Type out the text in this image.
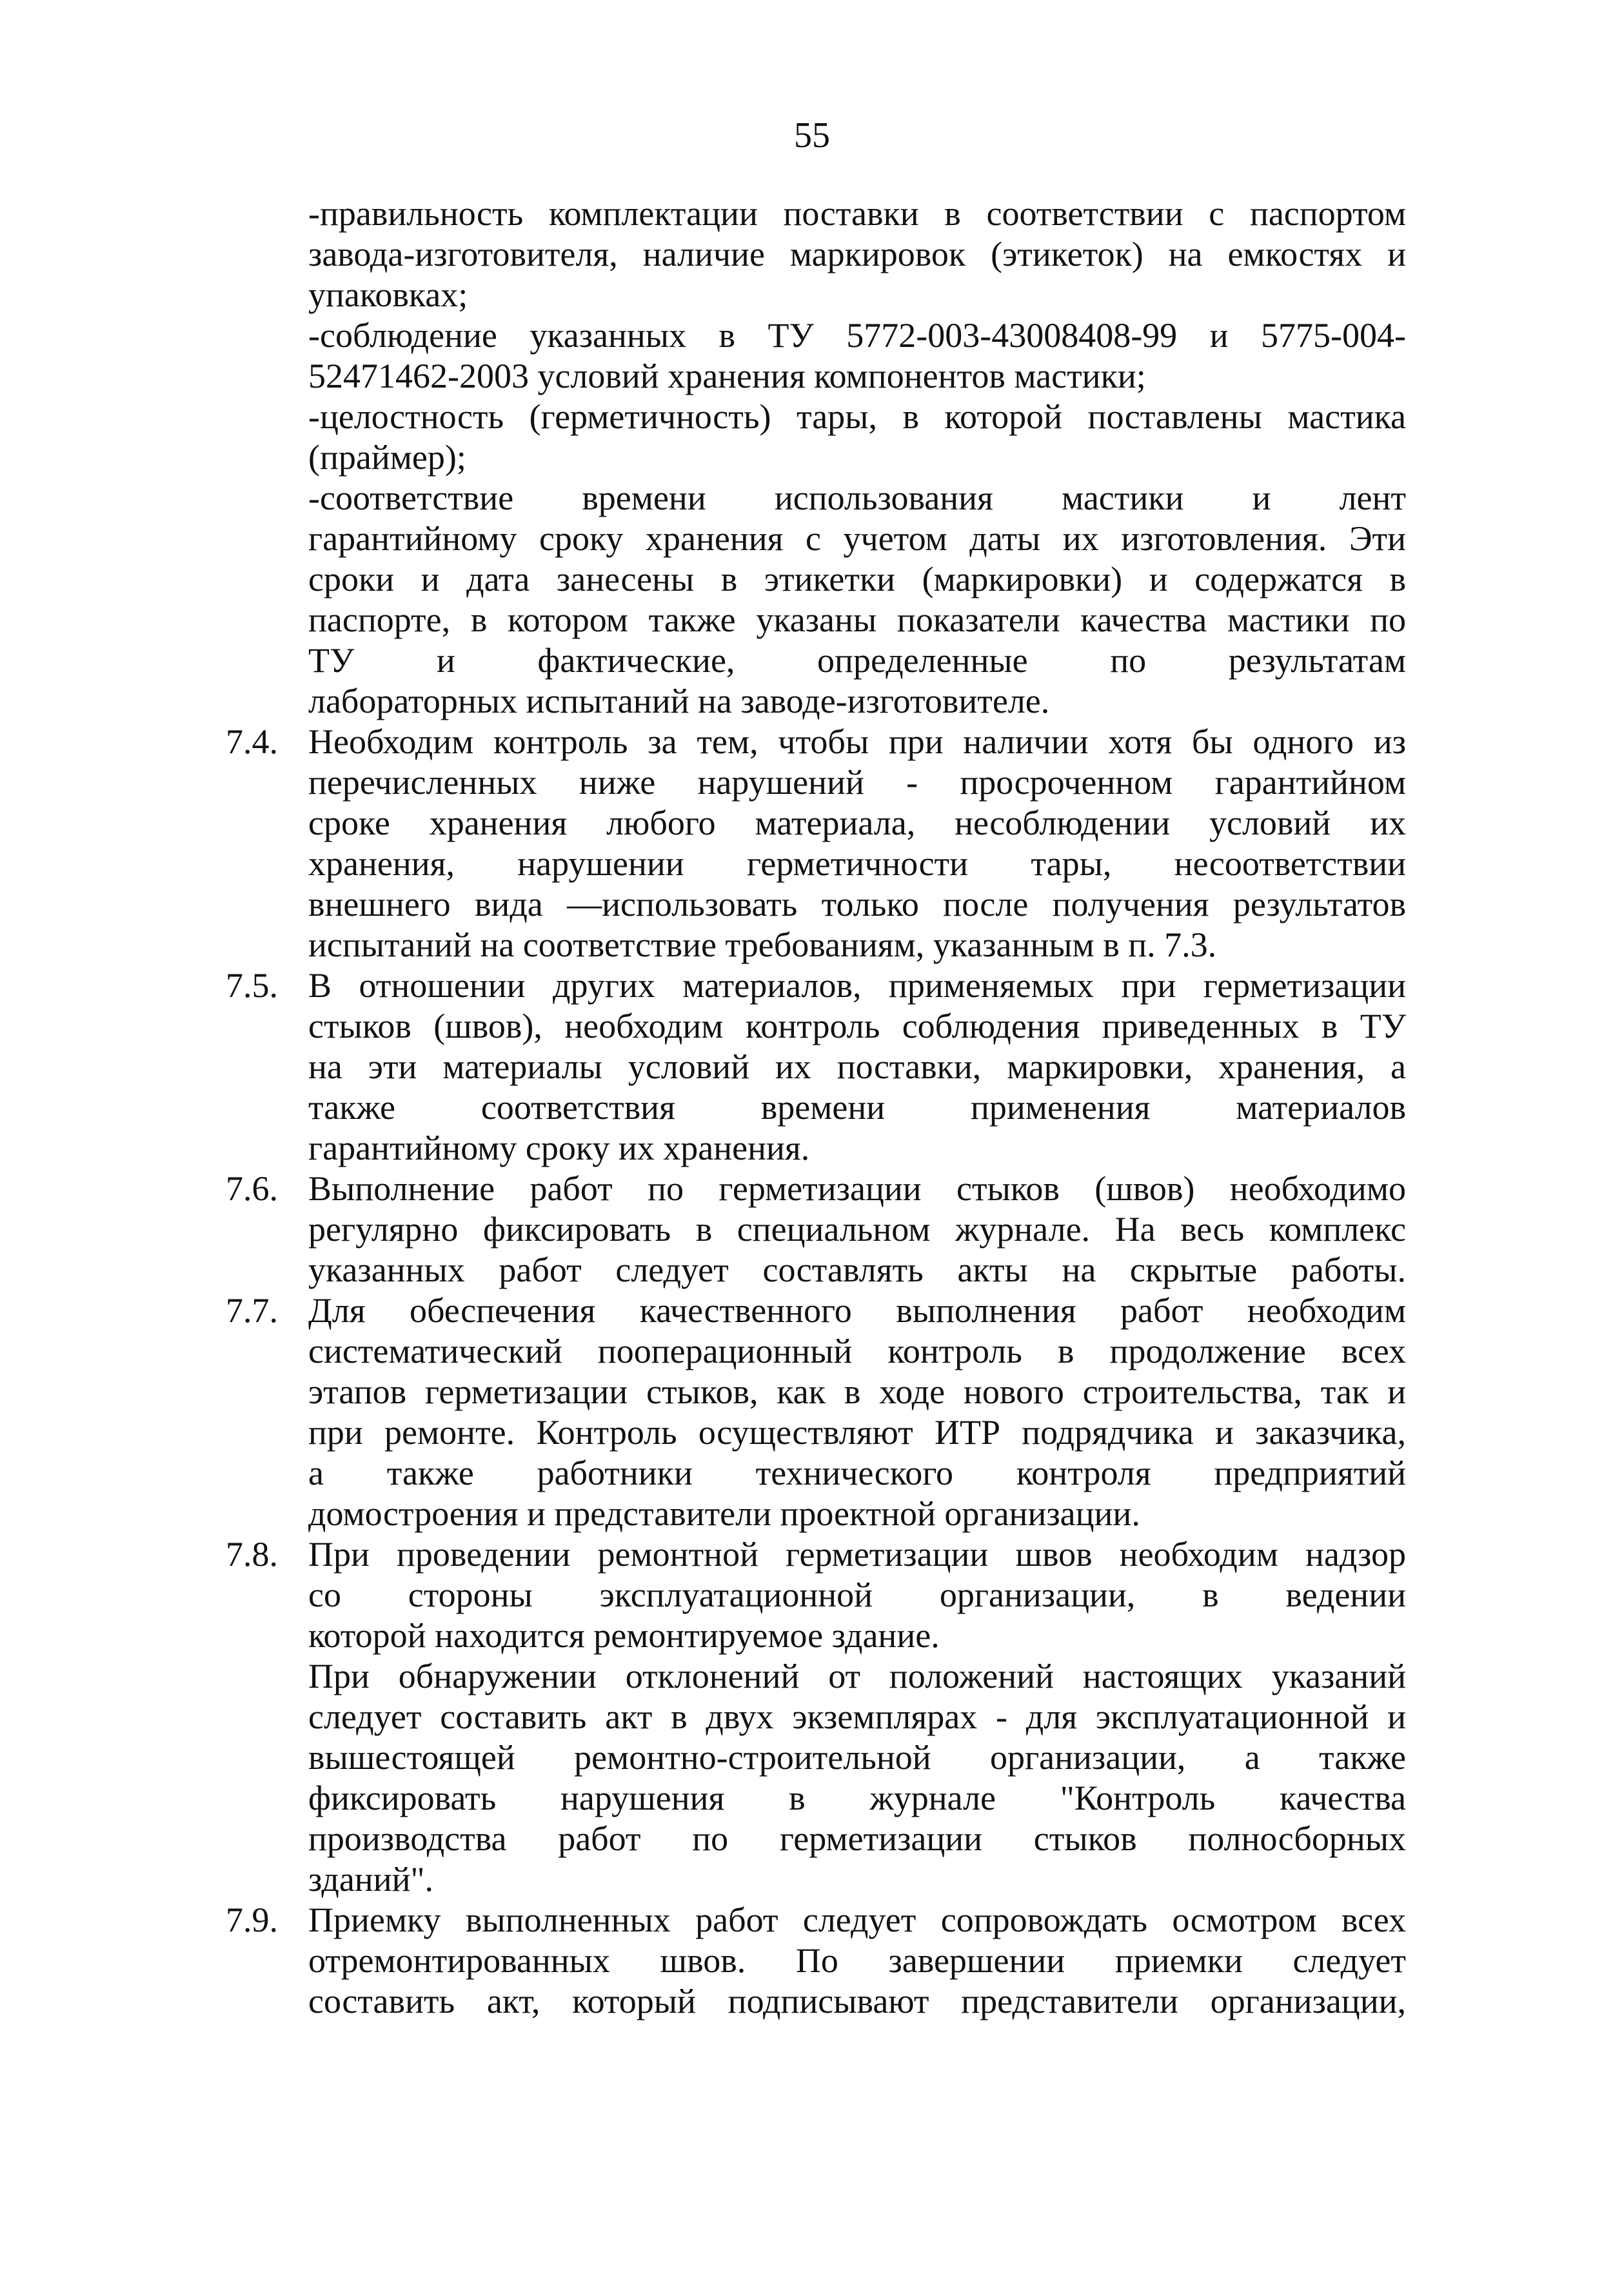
55
-правильность комплектации поставки в соответствии с паспортом
завода-изготовителя, наличие маркировок (этикеток) на емкостях и
упаковках;
-соблюдение указанных в ТУ 5772-003-43008408-99 и 5775-004-
52471462-2003 условий хранения компонентов мастики;
-целостность (герметичность) тары, в которой поставлены мастика
(праймер);
-соответствие времени использования мастики и лент
гарантийному сроку хранения с учетом даты их изготовления. Эти
сроки и дата занесены в этикетки (маркировки) и содержатся в
паспорте, в котором также указаны показатели качества мастики по
ТУ и фактические, определенные по результатам
лабораторных испытаний на заводе-изготовителе.
7.4. Необходим контроль за тем, чтобы при наличии хотя бы одного из
перечисленных ниже нарушений - просроченном гарантийном
сроке хранения любого материала, несоблюдении условий их
хранения, нарушении герметичности тары, несоответствии
внешнего вида —использовать только после получения результатов
испытаний на соответствие требованиям, указанным в п. 7.3.
7.5. В отношении других материалов, применяемых при герметизации
стыков (швов), необходим контроль соблюдения приведенных в ТУ
на эти материалы условий их поставки, маркировки, хранения, а
также соответствия времени применения материалов
гарантийному сроку их хранения.
7.6. Выполнение работ по герметизации стыков (швов) необходимо
регулярно фиксировать в специальном журнале. На весь комплекс
указанных работ следует составлять акты на скрытые работы.
7.7. Для обеспечения качественного выполнения работ необходим
систематический пооперационный контроль в продолжение всех
этапов герметизации стыков, как в ходе нового строительства, так и
при ремонте. Контроль осуществляют ИТР подрядчика и заказчика,
а также работники технического контроля предприятий
домостроения и представители проектной организации.
7.8. При проведении ремонтной герметизации швов необходим надзор
со стороны эксплуатационной организации, в ведении
которой находится ремонтируемое здание.
При обнаружении отклонений от положений настоящих указаний
следует составить акт в двух экземплярах - для эксплуатационной и
вышестоящей ремонтно-строительной организации, а также
фиксировать нарушения в журнале "Контроль качества
производства работ по герметизации стыков полносборных
зданий".
7.9. Приемку выполненных работ следует сопровождать осмотром всех
отремонтированных швов. По завершении приемки следует
составить акт, который подписывают представители организации,
